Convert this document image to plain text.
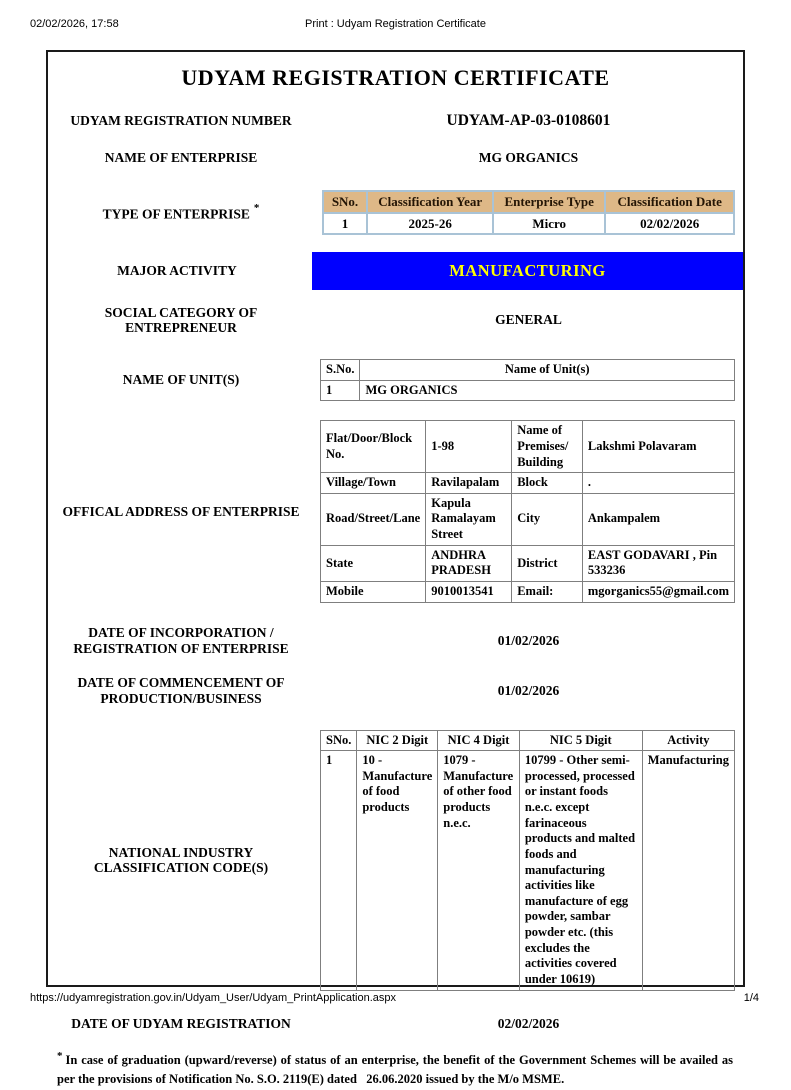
02/02/2026, 17:58	Print : Udyam Registration Certificate
UDYAM REGISTRATION CERTIFICATE
UDYAM REGISTRATION NUMBER	UDYAM-AP-03-0108601
NAME OF ENTERPRISE	MG ORGANICS
TYPE OF ENTERPRISE *	SNo.	Classification Year	Enterprise Type	Classification Date
1	2025-26	Micro	02/02/2026
MAJOR ACTIVITY	MANUFACTURING
SOCIAL CATEGORY OF ENTREPRENEUR
GENERAL
NAME OF UNIT(S)
S.No.	Name of Unit(s)
1	MG ORGANICS
OFFICAL ADDRESS OF ENTERPRISE
Flat/Door/Block No.	1-98	Name of Premises/ Building	Lakshmi Polavaram
Village/Town	Ravilapalam	Block	.
Road/Street/Lane	Kapula Ramalayam Street	City	Ankampalem
State	ANDHRA PRADESH	District	EAST GODAVARI , Pin 533236
Mobile	9010013541	Email:	mgorganics55@gmail.com
DATE OF INCORPORATION / REGISTRATION OF ENTERPRISE
01/02/2026
DATE OF COMMENCEMENT OF PRODUCTION/BUSINESS
01/02/2026
NATIONAL INDUSTRY CLASSIFICATION CODE(S)
SNo.	NIC 2 Digit	NIC 4 Digit	NIC 5 Digit	Activity
1	10 - Manufacture of food products	1079 - Manufacture of other food products n.e.c.	10799 - Other semi-processed, processed or instant foods n.e.c. except farinaceous products and malted foods and manufacturing activities like manufacture of egg powder, sambar powder etc. (this excludes the activities covered under 10619)	Manufacturing
DATE OF UDYAM REGISTRATION	02/02/2026
* In case of graduation (upward/reverse) of status of an enterprise, the benefit of the Government Schemes will be availed as per the provisions of Notification No. S.O. 2119(E) dated   26.06.2020 issued by the M/o MSME.
https://udyamregistration.gov.in/Udyam_User/Udyam_PrintApplication.aspx	1/4
